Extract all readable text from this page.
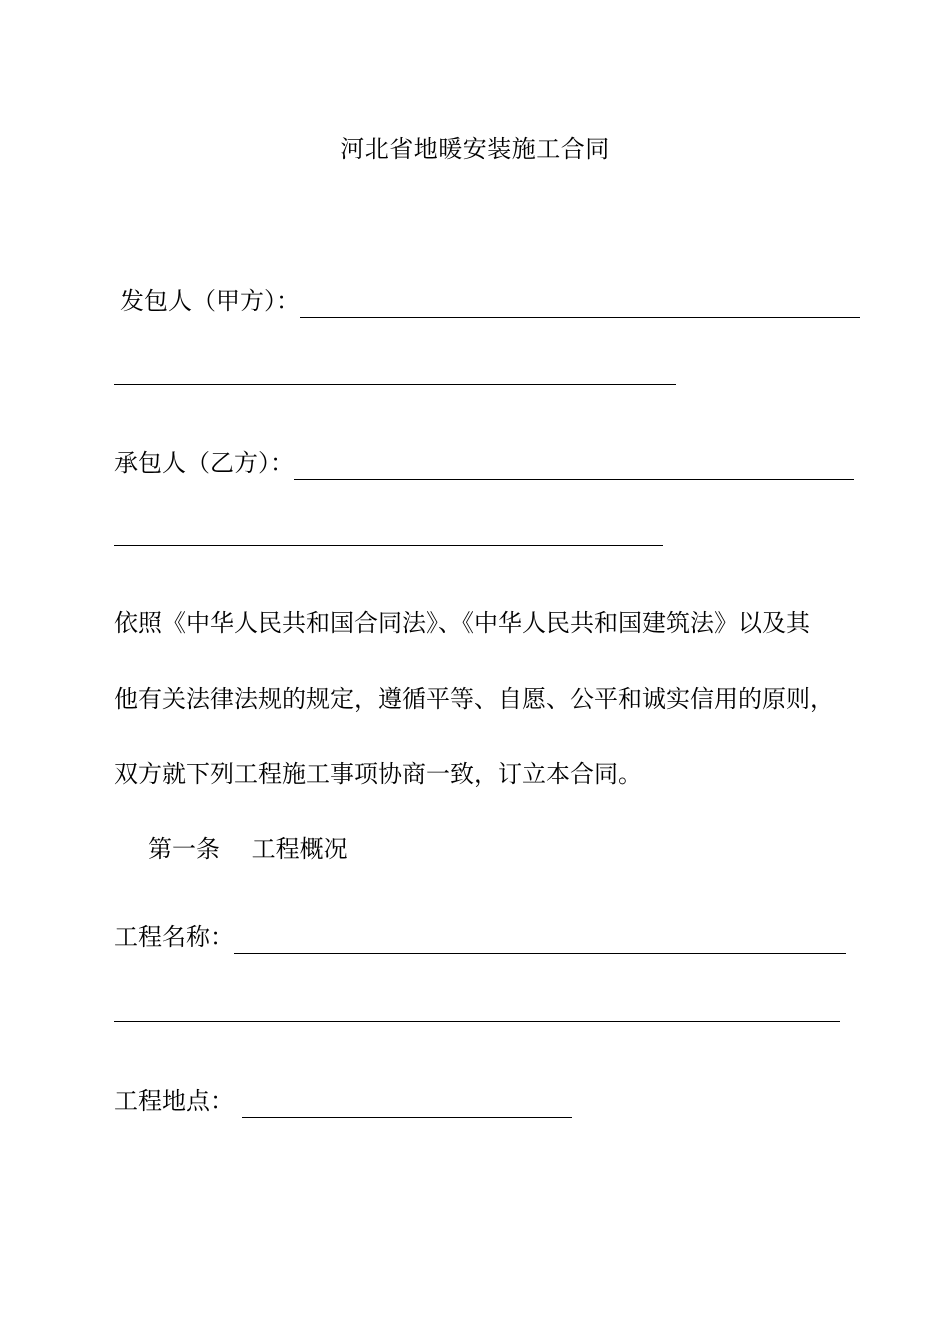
河北省地暖安装施工合同
发包人（甲方）：
承包人（乙方）：
依照《中华人民共和国合同法》、《中华人民共和国建筑法》以及其
他有关法律法规的规定，遵循平等、自愿、公平和诚实信用的原则，
双方就下列工程施工事项协商一致，订立本合同。
第一条　 工程概况
工程名称：
工程地点：
